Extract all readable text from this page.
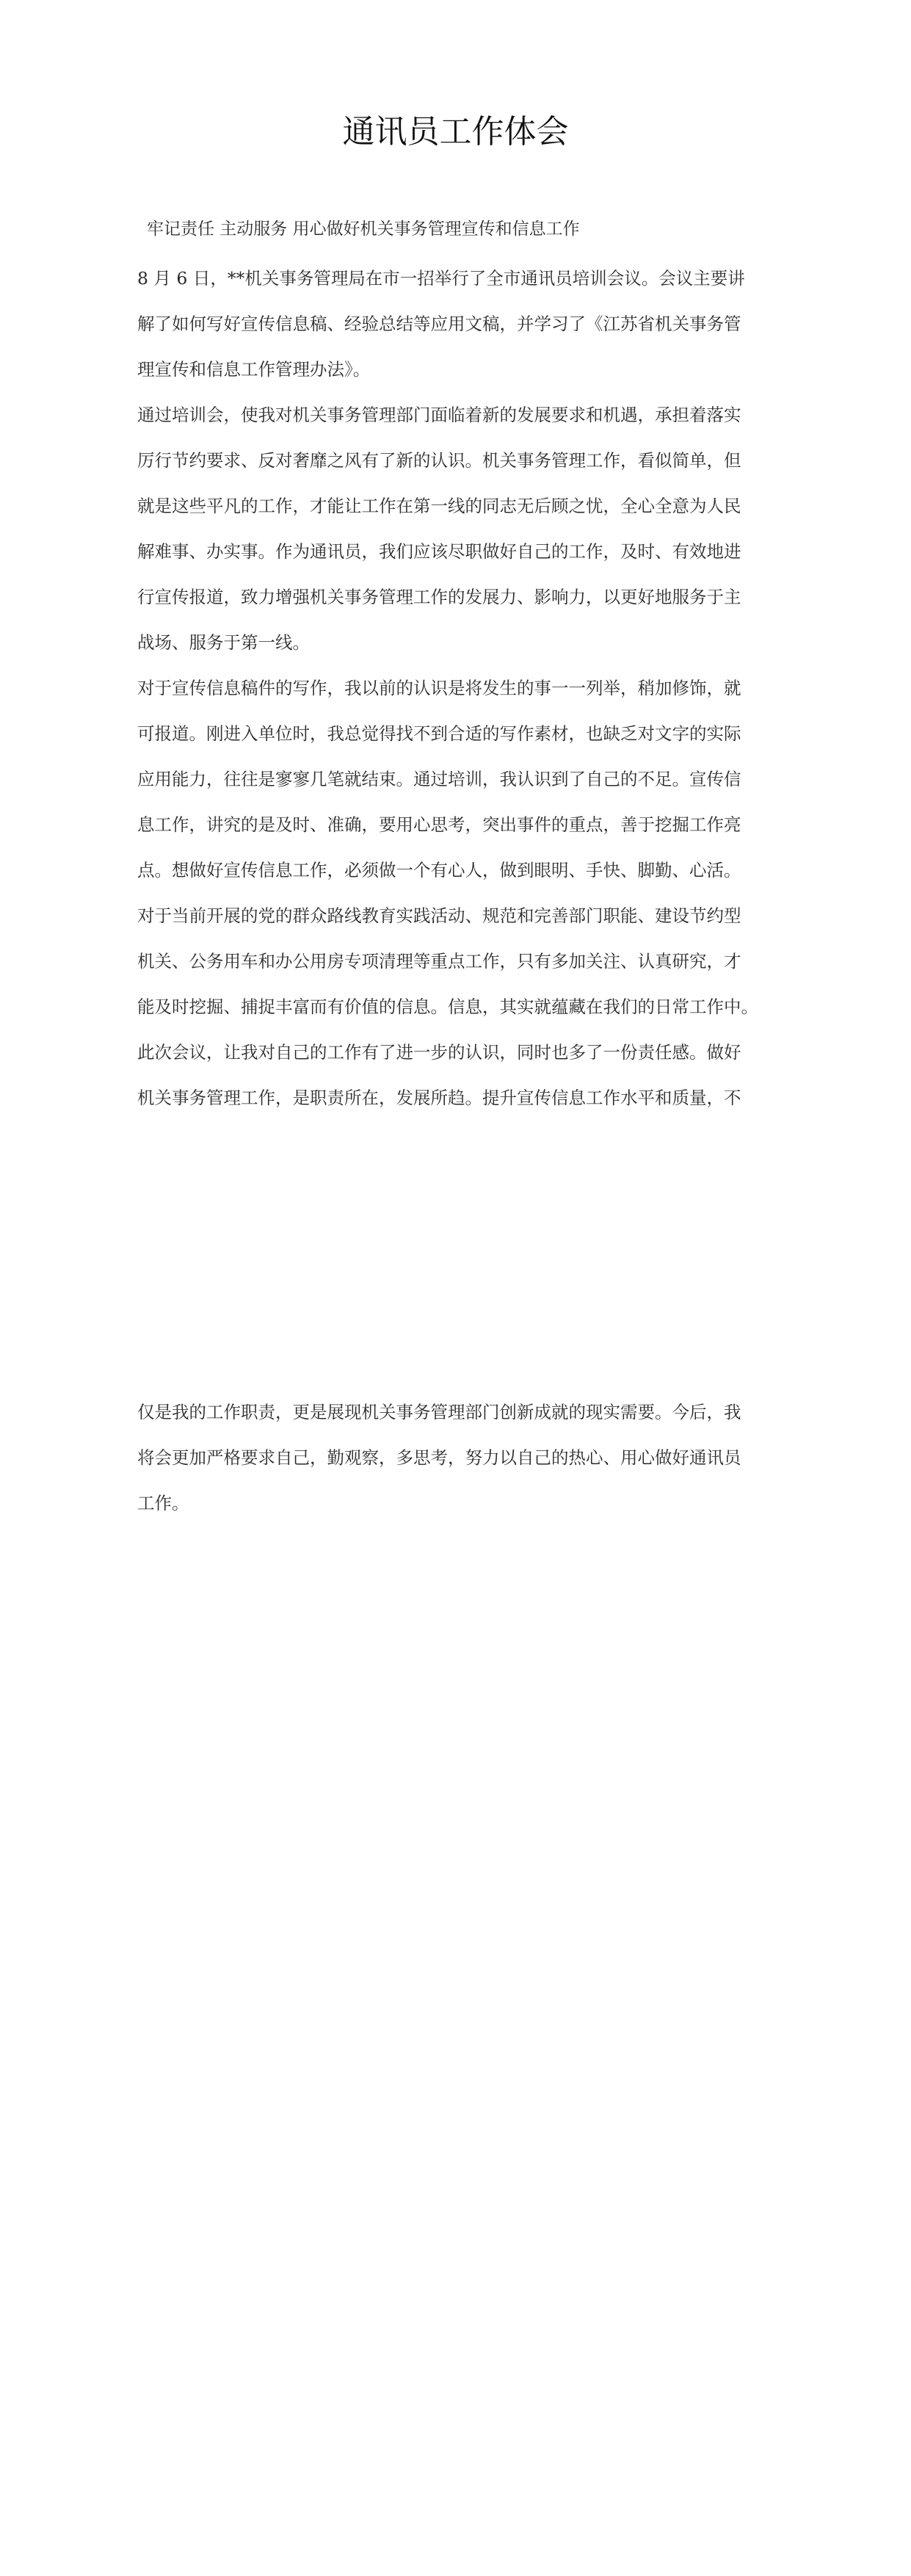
通讯员工作体会

牢记责任 主动服务 用心做好机关事务管理宣传和信息工作

8 月 6 日，**机关事务管理局在市一招举行了全市通讯员培训会议。会议主要讲
解了如何写好宣传信息稿、经验总结等应用文稿，并学习了《江苏省机关事务管
理宣传和信息工作管理办法》。
通过培训会，使我对机关事务管理部门面临着新的发展要求和机遇，承担着落实
厉行节约要求、反对奢靡之风有了新的认识。机关事务管理工作，看似简单，但
就是这些平凡的工作，才能让工作在第一线的同志无后顾之忧，全心全意为人民
解难事、办实事。作为通讯员，我们应该尽职做好自己的工作，及时、有效地进
行宣传报道，致力增强机关事务管理工作的发展力、影响力，以更好地服务于主
战场、服务于第一线。
对于宣传信息稿件的写作，我以前的认识是将发生的事一一列举，稍加修饰，就
可报道。刚进入单位时，我总觉得找不到合适的写作素材，也缺乏对文字的实际
应用能力，往往是寥寥几笔就结束。通过培训，我认识到了自己的不足。宣传信
息工作，讲究的是及时、准确，要用心思考，突出事件的重点，善于挖掘工作亮
点。想做好宣传信息工作，必须做一个有心人，做到眼明、手快、脚勤、心活。
对于当前开展的党的群众路线教育实践活动、规范和完善部门职能、建设节约型
机关、公务用车和办公用房专项清理等重点工作，只有多加关注、认真研究，才
能及时挖掘、捕捉丰富而有价值的信息。信息，其实就蕴藏在我们的日常工作中。
此次会议，让我对自己的工作有了进一步的认识，同时也多了一份责任感。做好
机关事务管理工作，是职责所在，发展所趋。提升宣传信息工作水平和质量，不
仅是我的工作职责，更是展现机关事务管理部门创新成就的现实需要。今后，我
将会更加严格要求自己，勤观察，多思考，努力以自己的热心、用心做好通讯员
工作。
